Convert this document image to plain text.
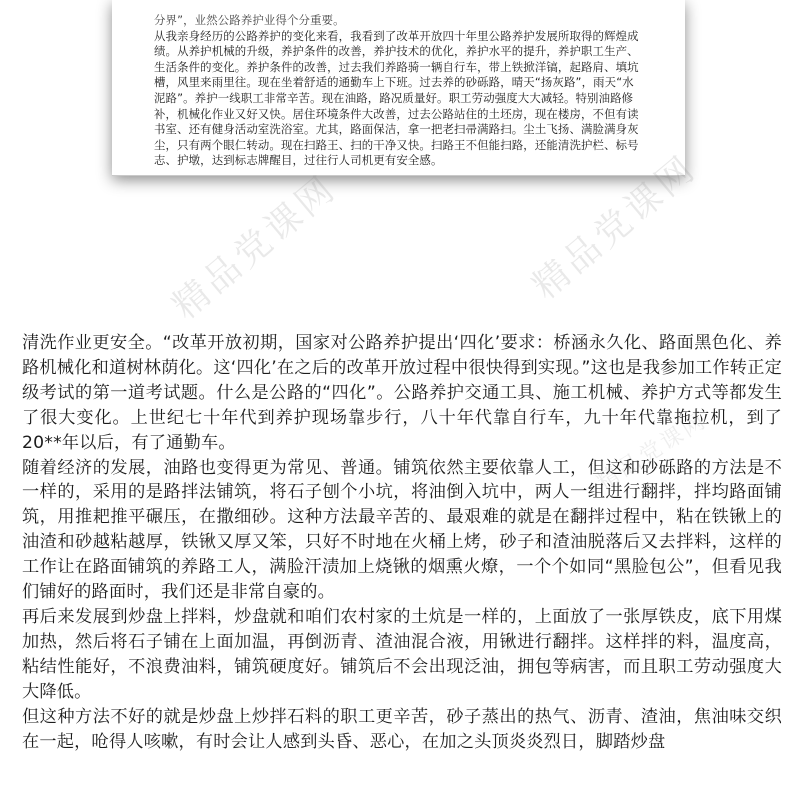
分界”，业然公路养护业得个分重要。

从我亲身经历的公路养护的变化来看，我看到了改革开放四十年里公路养护发展所取得的辉煌成绩。从养护机械的升级，养护条件的改善，养护技术的优化，养护水平的提升，养护职工生产、生活条件的变化。养护条件的改善，过去我们养路骑一辆自行车，带上铁掀洋镐，起路肩、填坑槽，风里来雨里往。现在坐着舒适的通勤车上下班。过去养的砂砾路，晴天“扬灰路”，雨天“水泥路”。养护一线职工非常辛苦。现在油路，路况质量好。职工劳动强度大大减轻。特别油路修补，机械化作业又好又快。居住环境条件大改善，过去公路站住的土坯房，现在楼房，不但有读书室、还有健身活动室洗浴室。尤其，路面保洁，拿一把老扫帚满路扫。尘土飞扬、满脸满身灰尘，只有两个眼仁转动。现在扫路王、扫的干净又快。扫路王不但能扫路，还能清洗护栏、标号志、护墩，达到标志牌醒目，过往行人司机更有安全感。

精品党课网	精品党课网
精品党课网

清洗作业更安全。“改革开放初期，国家对公路养护提出‘四化’要求：桥涵永久化、路面黑色化、养路机械化和道树林荫化。这‘四化’在之后的改革开放过程中很快得到实现。”这也是我参加工作转正定级考试的第一道考试题。什么是公路的“四化”。公路养护交通工具、施工机械、养护方式等都发生了很大变化。上世纪七十年代到养护现场靠步行，八十年代靠自行车，九十年代靠拖拉机，到了20**年以后，有了通勤车。

随着经济的发展，油路也变得更为常见、普通。铺筑依然主要依靠人工，但这和砂砾路的方法是不一样的，采用的是路拌法铺筑，将石子刨个小坑，将油倒入坑中，两人一组进行翻拌，拌均路面铺筑，用推耙推平碾压，在撒细砂。这种方法最辛苦的、最艰难的就是在翻拌过程中，粘在铁锹上的油渣和砂越粘越厚，铁锹又厚又笨，只好不时地在火桶上烤，砂子和渣油脱落后又去拌料，这样的工作让在路面铺筑的养路工人，满脸汗渍加上烧锹的烟熏火燎，一个个如同“黑脸包公”，但看见我们铺好的路面时，我们还是非常自豪的。

再后来发展到炒盘上拌料，炒盘就和咱们农村家的土炕是一样的，上面放了一张厚铁皮，底下用煤加热，然后将石子铺在上面加温，再倒沥青、渣油混合液，用锹进行翻拌。这样拌的料，温度高，粘结性能好，不浪费油料，铺筑硬度好。铺筑后不会出现泛油，拥包等病害，而且职工劳动强度大大降低。

但这种方法不好的就是炒盘上炒拌石料的职工更辛苦，砂子蒸出的热气、沥青、渣油，焦油味交织在一起，呛得人咳嗽，有时会让人感到头昏、恶心，在加之头顶炎炎烈日，脚踏炒盘
